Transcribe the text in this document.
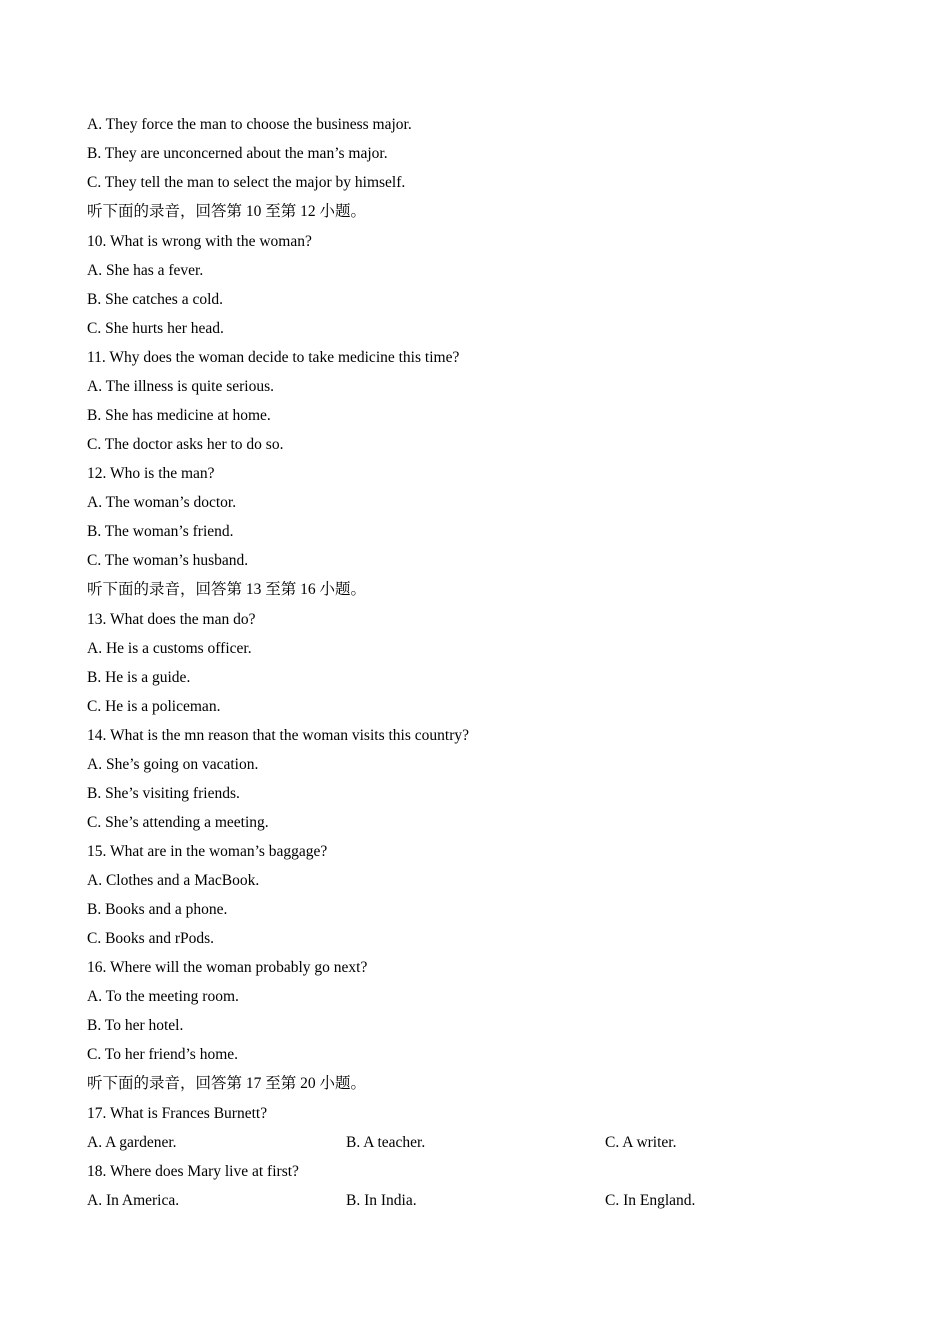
A. They force the man to choose the business major.
B. They are unconcerned about the man’s major.
C. They tell the man to select the major by himself.
听下面的录音，回答第 10 至第 12 小题。
10. What is wrong with the woman?
A. She has a fever.
B. She catches a cold.
C. She hurts her head.
11. Why does the woman decide to take medicine this time?
A. The illness is quite serious.
B. She has medicine at home.
C. The doctor asks her to do so.
12. Who is the man?
A. The woman’s doctor.
B. The woman’s friend.
C. The woman’s husband.
听下面的录音，回答第 13 至第 16 小题。
13. What does the man do?
A. He is a customs officer.
B. He is a guide.
C. He is a policeman.
14. What is the mn reason that the woman visits this country?
A. She’s going on vacation.
B. She’s visiting friends.
C. She’s attending a meeting.
15. What are in the woman’s baggage?
A. Clothes and a MacBook.
B. Books and a phone.
C. Books and rPods.
16. Where will the woman probably go next?
A. To the meeting room.
B. To her hotel.
C. To her friend’s home.
听下面的录音，回答第 17 至第 20 小题。
17. What is Frances Burnett?
A. A gardener.	B. A teacher.	C. A writer.
18. Where does Mary live at first?
A. In America.	B. In India.	C. In England.
